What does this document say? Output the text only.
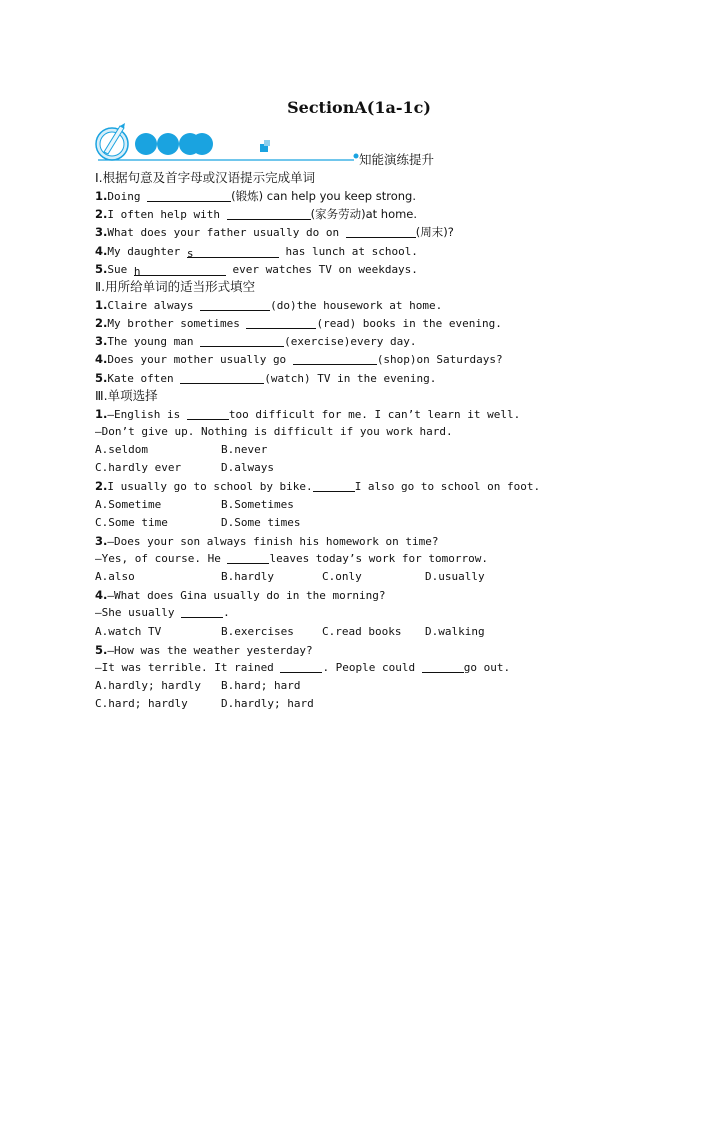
SectionA(1a-1c)
知能演练提升
Ⅰ.根据句意及首字母或汉语提示完成单词
1.Doing	(锻炼) can help you keep strong.
2.I often help with	(家务劳动)at home.
3.What does your father usually do on	(周末)?
4.My daughter s	has lunch at school.
5.Sue h	ever watches TV on weekdays.
Ⅱ.用所给单词的适当形式填空
1.Claire always	(do)the housework at home.
2.My brother sometimes	(read) books in the evening.
3.The young man	(exercise)every day.
4.Does your mother usually go	(shop)on Saturdays?
5.Kate often	(watch) TV in the evening.
Ⅲ.单项选择
1.—English is	too difficult for me. I can’t learn it well.
—Don’t give up. Nothing is difficult if you work hard.
A.seldom	B.never
C.hardly ever	D.always
2.I usually go to school by bike.	I also go to school on foot.
A.Sometime	B.Sometimes
C.Some time	D.Some times
3.—Does your son always finish his homework on time?
—Yes, of course. He	leaves today’s work for tomorrow.
A.also	B.hardly	C.only	D.usually
4.—What does Gina usually do in the morning?
—She usually	.
A.watch TV	B.exercises	C.read books D.walking
5.—How was the weather yesterday?
—It was terrible. It rained	. People could	go out.
A.hardly; hardly B.hard; hard
C.hard; hardly	D.hardly; hard
